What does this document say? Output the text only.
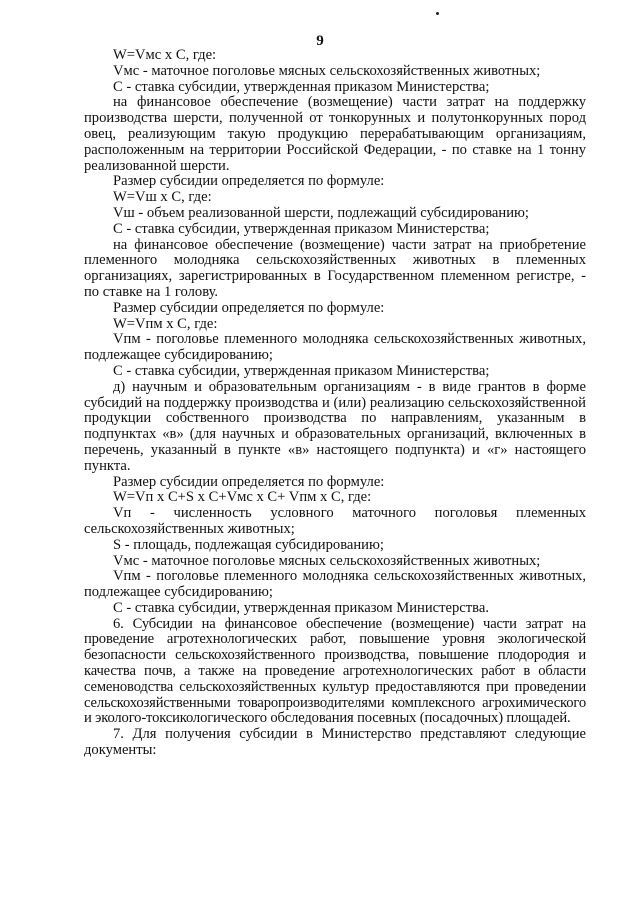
9

W=Vмс x C, где:

Vмс - маточное поголовье мясных сельскохозяйственных животных;

C - ставка субсидии, утвержденная приказом Министерства;

на финансовое обеспечение (возмещение) части затрат на поддержку производства шерсти, полученной от тонкорунных и полутонкорунных пород овец, реализующим такую продукцию перерабатывающим организациям, расположенным на территории Российской Федерации, - по ставке на 1 тонну реализованной шерсти.

Размер субсидии определяется по формуле:

W=Vш x C, где:

Vш - объем реализованной шерсти, подлежащий субсидированию;

C - ставка субсидии, утвержденная приказом Министерства;

на финансовое обеспечение (возмещение) части затрат на приобретение племенного молодняка сельскохозяйственных животных в племенных организациях, зарегистрированных в Государственном племенном регистре, - по ставке на 1 голову.

Размер субсидии определяется по формуле:

W=Vпм x C, где:

Vпм - поголовье племенного молодняка сельскохозяйственных животных, подлежащее субсидированию;

C - ставка субсидии, утвержденная приказом Министерства;

д) научным и образовательным организациям - в виде грантов в форме субсидий на поддержку производства и (или) реализацию сельскохозяйственной продукции собственного производства по направлениям, указанным в подпунктах «в» (для научных и образовательных организаций, включенных в перечень, указанный в пункте «в» настоящего подпункта) и «г» настоящего пункта.

Размер субсидии определяется по формуле:

W=Vп x C+S x C+Vмс x C+ Vпм x C, где:

Vп - численность условного маточного поголовья племенных сельскохозяйственных животных;

S - площадь, подлежащая субсидированию;

Vмс - маточное поголовье мясных сельскохозяйственных животных;

Vпм - поголовье племенного молодняка сельскохозяйственных животных, подлежащее субсидированию;

C - ставка субсидии, утвержденная приказом Министерства.

6. Субсидии на финансовое обеспечение (возмещение) части затрат на проведение агротехнологических работ, повышение уровня экологической безопасности сельскохозяйственного производства, повышение плодородия и качества почв, а также на проведение агротехнологических работ в области семеноводства сельскохозяйственных культур предоставляются при проведении сельскохозяйственными товаропроизводителями комплексного агрохимического и эколого-токсикологического обследования посевных (посадочных) площадей.

7. Для получения субсидии в Министерство представляют следующие документы:
